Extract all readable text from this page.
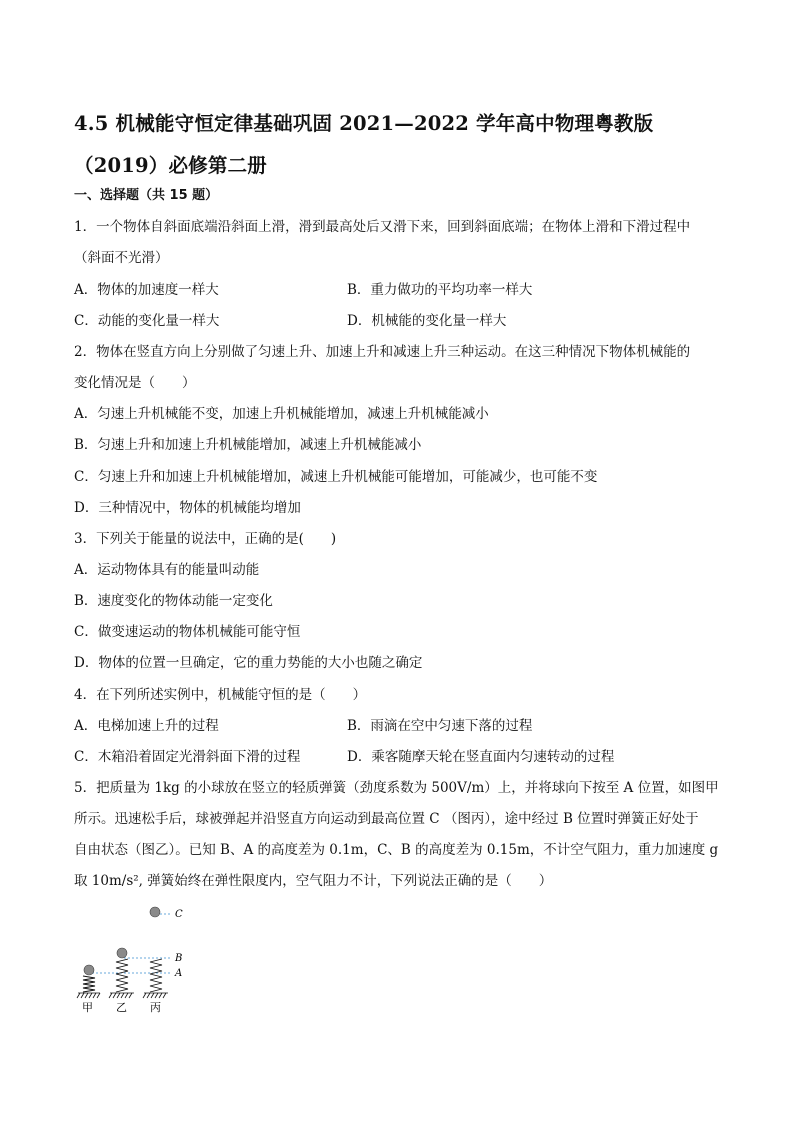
4.5 机械能守恒定律基础巩固 2021—2022 学年高中物理粤教版
（2019）必修第二册
一、选择题（共 15 题）
1．一个物体自斜面底端沿斜面上滑，滑到最高处后又滑下来，回到斜面底端；在物体上滑和下滑过程中
（斜面不光滑）
A．物体的加速度一样大	B．重力做功的平均功率一样大
C．动能的变化量一样大	D．机械能的变化量一样大
2．物体在竖直方向上分别做了匀速上升、加速上升和减速上升三种运动。在这三种情况下物体机械能的
变化情况是（　　）
A．匀速上升机械能不变，加速上升机械能增加，减速上升机械能减小
B．匀速上升和加速上升机械能增加，减速上升机械能减小
C．匀速上升和加速上升机械能增加，减速上升机械能可能增加，可能减少，也可能不变
D．三种情况中，物体的机械能均增加
3．下列关于能量的说法中，正确的是(　　)
A．运动物体具有的能量叫动能
B．速度变化的物体动能一定变化
C．做变速运动的物体机械能可能守恒
D．物体的位置一旦确定，它的重力势能的大小也随之确定
4．在下列所述实例中，机械能守恒的是（　　）
A．电梯加速上升的过程	B．雨滴在空中匀速下落的过程
C．木箱沿着固定光滑斜面下滑的过程	D．乘客随摩天轮在竖直面内匀速转动的过程
5．把质量为 1kg 的小球放在竖立的轻质弹簧（劲度系数为 500V/m）上，并将球向下按至 A 位置，如图甲
所示。迅速松手后，球被弹起并沿竖直方向运动到最高位置 C （图丙），途中经过 B 位置时弹簧正好处于
自由状态（图乙）。已知 B、A 的高度差为 0.1m，C、B 的高度差为 0.15m，不计空气阻力，重力加速度 g
取 10m/s², 弹簧始终在弹性限度内，空气阻力不计，下列说法正确的是（　　）
C
B
A
甲 乙 丙
